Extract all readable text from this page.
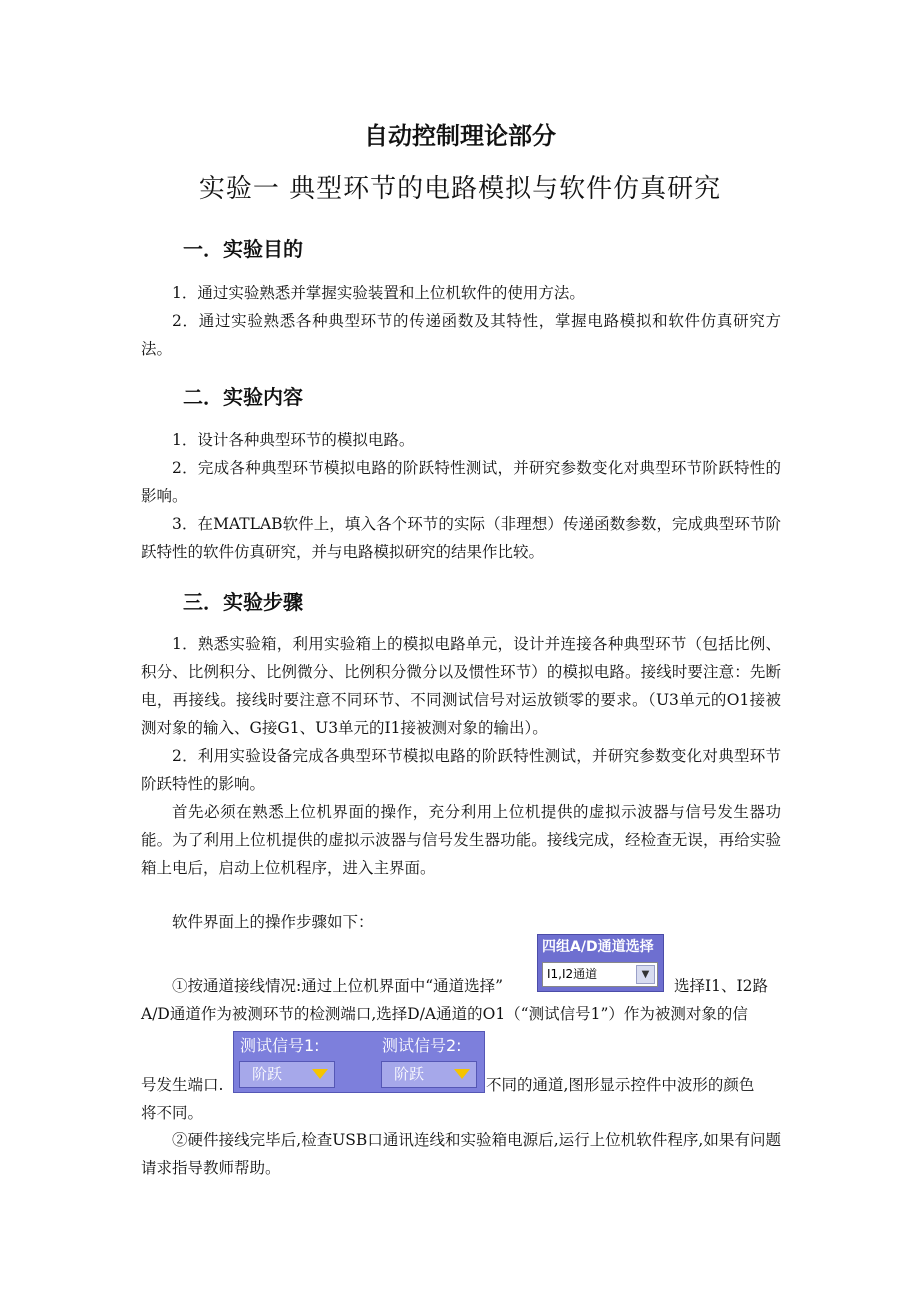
自动控制理论部分
实验一 典型环节的电路模拟与软件仿真研究
一．实验目的

1．通过实验熟悉并掌握实验装置和上位机软件的使用方法。

2．通过实验熟悉各种典型环节的传递函数及其特性，掌握电路模拟和软件仿真研究方法。

二．实验内容

1．设计各种典型环节的模拟电路。

2．完成各种典型环节模拟电路的阶跃特性测试，并研究参数变化对典型环节阶跃特性的影响。

3．在MATLAB软件上，填入各个环节的实际（非理想）传递函数参数，完成典型环节阶跃特性的软件仿真研究，并与电路模拟研究的结果作比较。

三．实验步骤

1．熟悉实验箱，利用实验箱上的模拟电路单元，设计并连接各种典型环节（包括比例、积分、比例积分、比例微分、比例积分微分以及惯性环节）的模拟电路。接线时要注意：先断电，再接线。接线时要注意不同环节、不同测试信号对运放锁零的要求。（U3单元的O1接被测对象的输入、G接G1、U3单元的I1接被测对象的输出）。

2．利用实验设备完成各典型环节模拟电路的阶跃特性测试，并研究参数变化对典型环节阶跃特性的影响。

首先必须在熟悉上位机界面的操作，充分利用上位机提供的虚拟示波器与信号发生器功能。为了利用上位机提供的虚拟示波器与信号发生器功能。接线完成，经检查无误，再给实验箱上电后，启动上位机程序，进入主界面。

软件界面上的操作步骤如下：

①按通道接线情况:通过上位机界面中“通道选择”
四组A/D通道选择
I1,I2通道	▼
选择I1、I2路
A/D通道作为被测环节的检测端口,选择D/A通道的O1（“测试信号1”）作为被测对象的信
号发生端口.
测试信号1:	测试信号2:
阶跃	阶跃
不同的通道,图形显示控件中波形的颜色
将不同。

②硬件接线完毕后,检查USB口通讯连线和实验箱电源后,运行上位机软件程序,如果有问题请求指导教师帮助。
